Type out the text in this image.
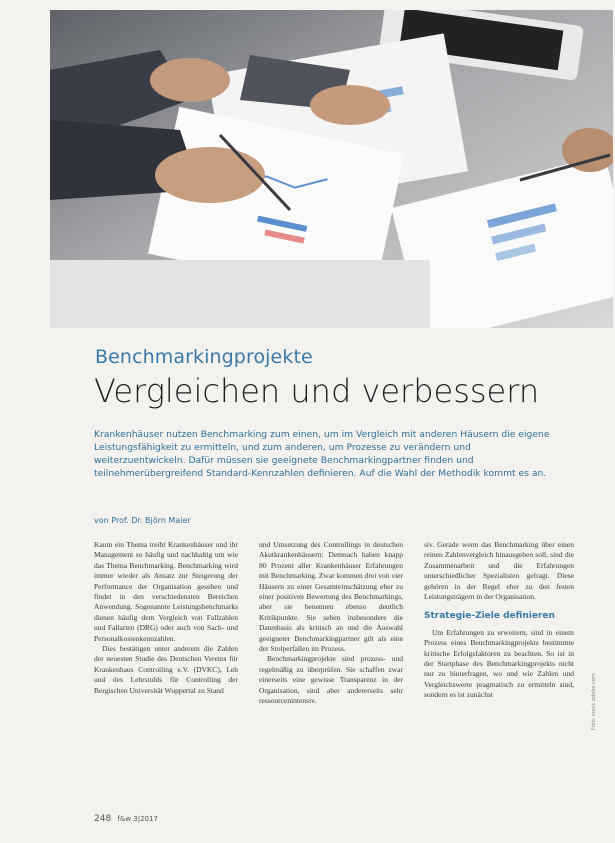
Benchmarkingprojekte
Vergleichen und verbessern
Krankenhäuser nutzen Benchmarking zum einen, um im Vergleich mit anderen Häusern die eigene Leistungsfähigkeit zu ermitteln, und zum anderen, um Prozesse zu verändern und weiterzuentwickeln. Dafür müssen sie geeignete Benchmarkingpartner finden und teilnehmerübergreifend Standard-Kennzahlen definieren. Auf die Wahl der Methodik kommt es an.
von Prof. Dr. Björn Maier

Kaum ein Thema treibt Krankenhäuser und ihr Management so häufig und nachhaltig um wie das Thema Benchmarking. Benchmarking wird immer wieder als Ansatz zur Steigerung der Performance der Organisation gesehen und findet in den verschiedensten Bereichen Anwendung. Sogenannte Leistungsbenchmarks dienen häufig dem Vergleich von Fallzahlen und Fallarten (DRG) oder auch von Sach- und Personalkostenkennzahlen.

Dies bestätigen unter anderem die Zahlen der neuesten Studie des Deutschen Vereins für Krankenhaus Controlling e.V. (DVKC), Leh und des Lehrstuhls für Controlling der Bergischen Universität Wuppertal zu Stand

und Umsetzung des Controllings in deutschen Akutkrankenhäusern: Demnach haben knapp 80 Prozent aller Krankenhäuser Erfahrungen mit Benchmarking. Zwar kommen drei von vier Häusern zu einer Gesamteinschätzung eher zu einer positiven Bewertung des Benchmarkings, aber sie benennen ebenso deutlich Kritikpunkte. Sie sehen insbesondere die Datenbasis als kritisch an und die Auswahl geeigneter Benchmarkingpartner gilt als eine der Stolperfallen im Prozess.

Benchmarkingprojekte sind prozess- und regelmäßig zu überprüfen. Sie schaffen zwar einerseits eine gewisse Transparenz in der Organisation, sind aber andererseits sehr ressourcenintensiv.

siv. Gerade wenn das Benchmarking über einen reinen Zahlenvergleich hinausgehen soll, sind die Zusammenarbeit und die Erfahrungen unterschiedlicher Spezialisten gefragt. Diese gehören in der Regel eher zu den festen Leistungsträgern in der Organisation.

Strategie-Ziele definieren

Um Erfahrungen zu erweitern, sind in einem Prozess eines Benchmarkingprojekts bestimmte kritische Erfolgsfaktoren zu beachten. So ist in der Startphase des Benchmarkingprojekts nicht nur zu hinterfragen, wo und wie Zahlen und Vergleichswerte pragmatisch zu ermitteln sind, sondern es ist zunächst	Foto: stock.adobe.com
248 f&w 3|2017
